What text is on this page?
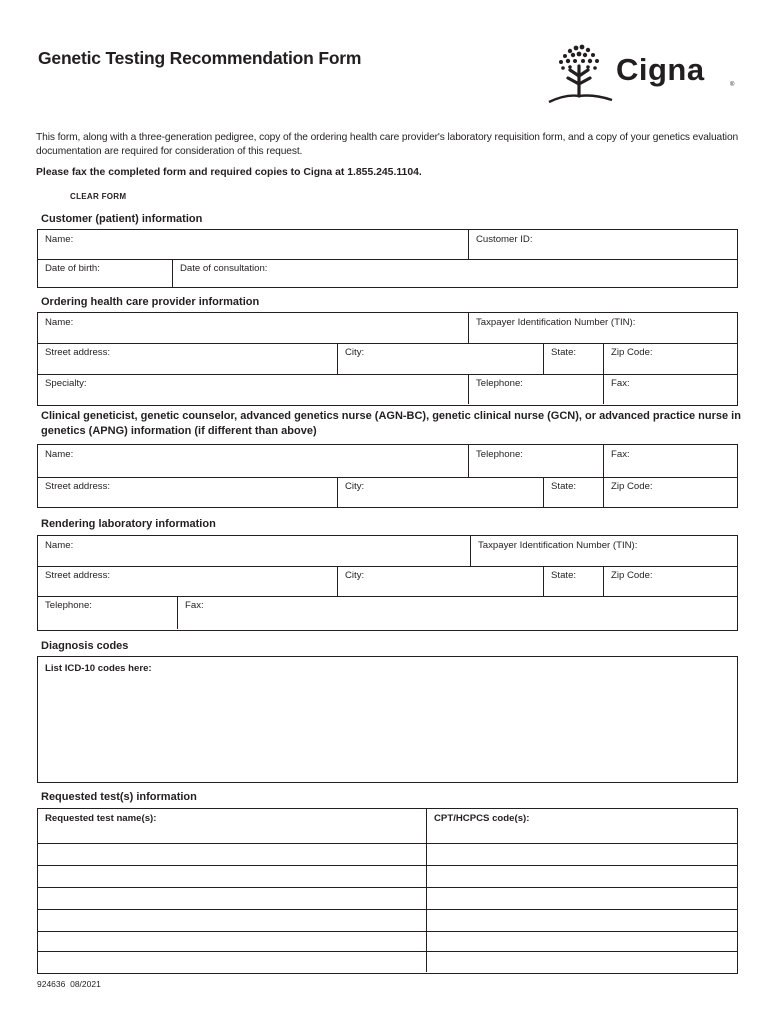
Genetic Testing Recommendation Form	Cigna	®
This form, along with a three-generation pedigree, copy of the ordering health care provider's laboratory requisition form, and a copy of your genetics evaluation documentation are required for consideration of this request.
Please fax the completed form and required copies to Cigna at 1.855.245.1104.
CLEAR FORM
Customer (patient) information
Name:	Customer ID:
Date of birth:	Date of consultation:
Ordering health care provider information
Name:	Taxpayer Identification Number (TIN):
Street address:	City:	State:	Zip Code:
Specialty:	Telephone:	Fax:
Clinical geneticist, genetic counselor, advanced genetics nurse (AGN-BC), genetic clinical nurse (GCN), or advanced practice nurse in genetics (APNG) information (if different than above)
Name:	Telephone:	Fax:
Street address:	City:	State:	Zip Code:
Rendering laboratory information
Name:	Taxpayer Identification Number (TIN):
Street address:	City:	State:	Zip Code:
Telephone:	Fax:
Diagnosis codes
List ICD-10 codes here:
Requested test(s) information
Requested test name(s):	CPT/HCPCS code(s):
924636  08/2021
